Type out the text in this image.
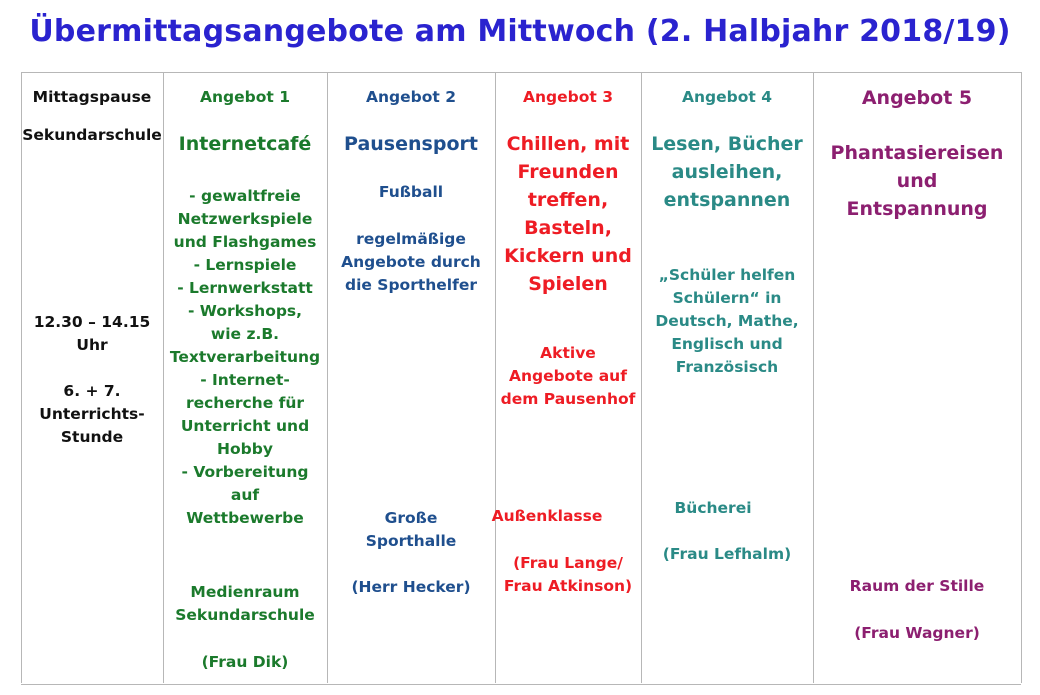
Übermittagsangebote am Mittwoch (2. Halbjahr 2018/19)
Mittagspause
Sekundarschule
12.30 – 14.15
Uhr
6. + 7.
Unterrichts-
Stunde
Angebot 1
Internetcafé
- gewaltfreie
Netzwerkspiele
und Flashgames
- Lernspiele
- Lernwerkstatt
- Workshops,
wie z.B.
Textverarbeitung
- Internet-
recherche für
Unterricht und
Hobby
- Vorbereitung
auf
Wettbewerbe
Medienraum
Sekundarschule
(Frau Dik)
Angebot 2
Pausensport
Fußball
regelmäßige
Angebote durch
die Sporthelfer
Große
Sporthalle
(Herr Hecker)
Angebot 3
Chillen, mit
Freunden
treffen,
Basteln,
Kickern und
Spielen
Aktive
Angebote auf
dem Pausenhof
Außenklasse
(Frau Lange/
Frau Atkinson)
Angebot 4
Lesen, Bücher
ausleihen,
entspannen
„Schüler helfen
Schülern“ in
Deutsch, Mathe,
Englisch und
Französisch
Bücherei
(Frau Lefhalm)
Angebot 5
Phantasiereisen
und
Entspannung
Raum der Stille
(Frau Wagner)
